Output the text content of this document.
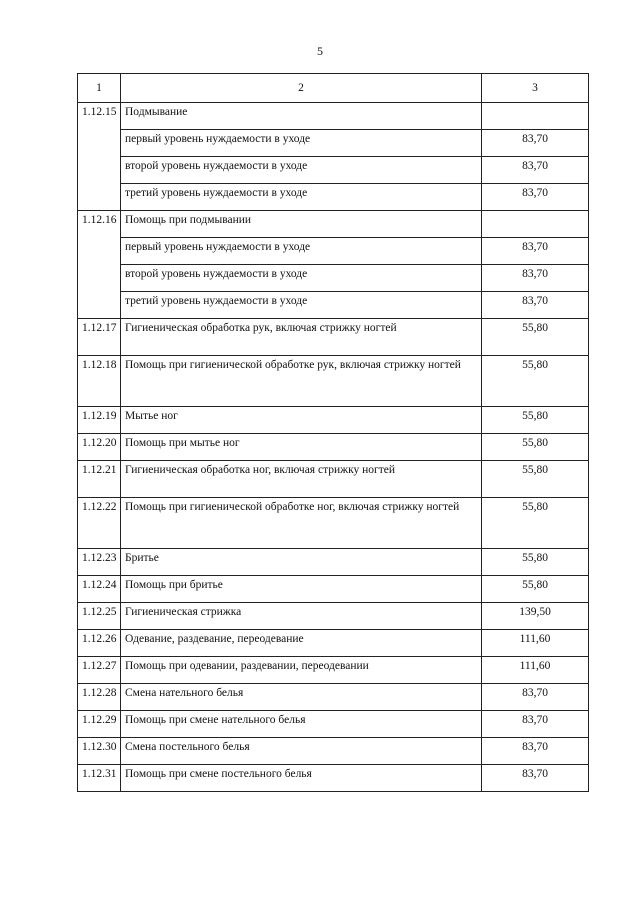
5
1	2	3
1.12.15	Подмывание	
	первый уровень нуждаемости в уходе	83,70
	второй уровень нуждаемости в уходе	83,70
	третий уровень нуждаемости в уходе	83,70
1.12.16	Помощь при подмывании	
	первый уровень нуждаемости в уходе	83,70
	второй уровень нуждаемости в уходе	83,70
	третий уровень нуждаемости в уходе	83,70
1.12.17	Гигиеническая обработка рук, включая стрижку ногтей	55,80
1.12.18	Помощь при гигиенической обработке рук, включая стрижку ногтей	55,80
1.12.19	Мытье ног	55,80
1.12.20	Помощь при мытье ног	55,80
1.12.21	Гигиеническая обработка ног, включая стрижку ногтей	55,80
1.12.22	Помощь при гигиенической обработке ног, включая стрижку ногтей	55,80
1.12.23	Бритье	55,80
1.12.24	Помощь при бритье	55,80
1.12.25	Гигиеническая стрижка	139,50
1.12.26	Одевание, раздевание, переодевание	111,60
1.12.27	Помощь при одевании, раздевании, переодевании	111,60
1.12.28	Смена нательного белья	83,70
1.12.29	Помощь при смене нательного белья	83,70
1.12.30	Смена постельного белья	83,70
1.12.31	Помощь при смене постельного белья	83,70
